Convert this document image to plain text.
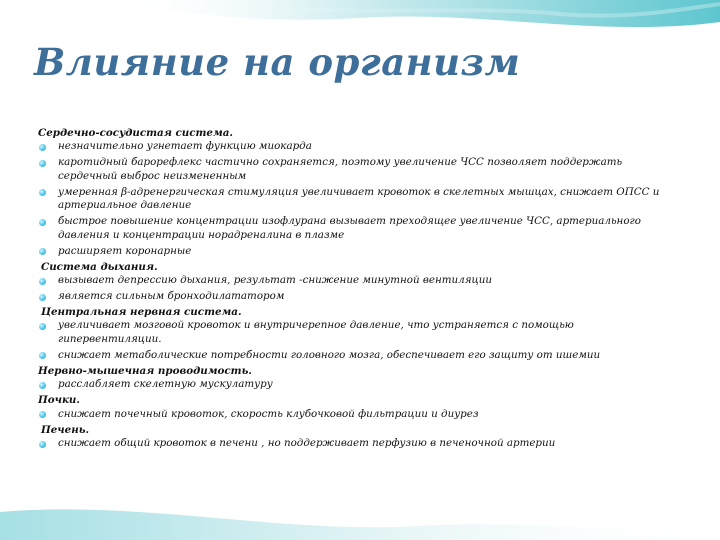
Влияние на организм
Сердечно-сосудистая система.
незначительно угнетает функцию миокарда
каротидный барорефлекс частично сохраняется, поэтому увеличение ЧСС позволяет поддержать сердечный выброс неизмененным
умеренная β-адренергическая стимуляция увеличивает кровоток в скелетных мышцах, снижает ОПСС и артериальное давление
быстрое повышение концентрации изофлурана вызывает преходящее увеличение ЧСС, артериального давления и концентрации норадреналина в плазме
расширяет коронарные
Система дыхания.
вызывает депрессию дыхания, результат -снижение минутной вентиляции
является сильным бронходилататором
Центральная нервная система.
увеличивает мозговой кровоток и внутричерепное давление, что устраняется с помощью гипервентиляции.
снижает метаболические потребности головного мозга, обеспечивает его защиту от ишемии
Нервно-мышечная проводимость.
расслабляет скелетную мускулатуру
Почки.
снижает почечный кровоток, скорость клубочковой фильтрации и диурез
Печень.
снижает общий кровоток в печени , но поддерживает перфузию в печеночной артерии
